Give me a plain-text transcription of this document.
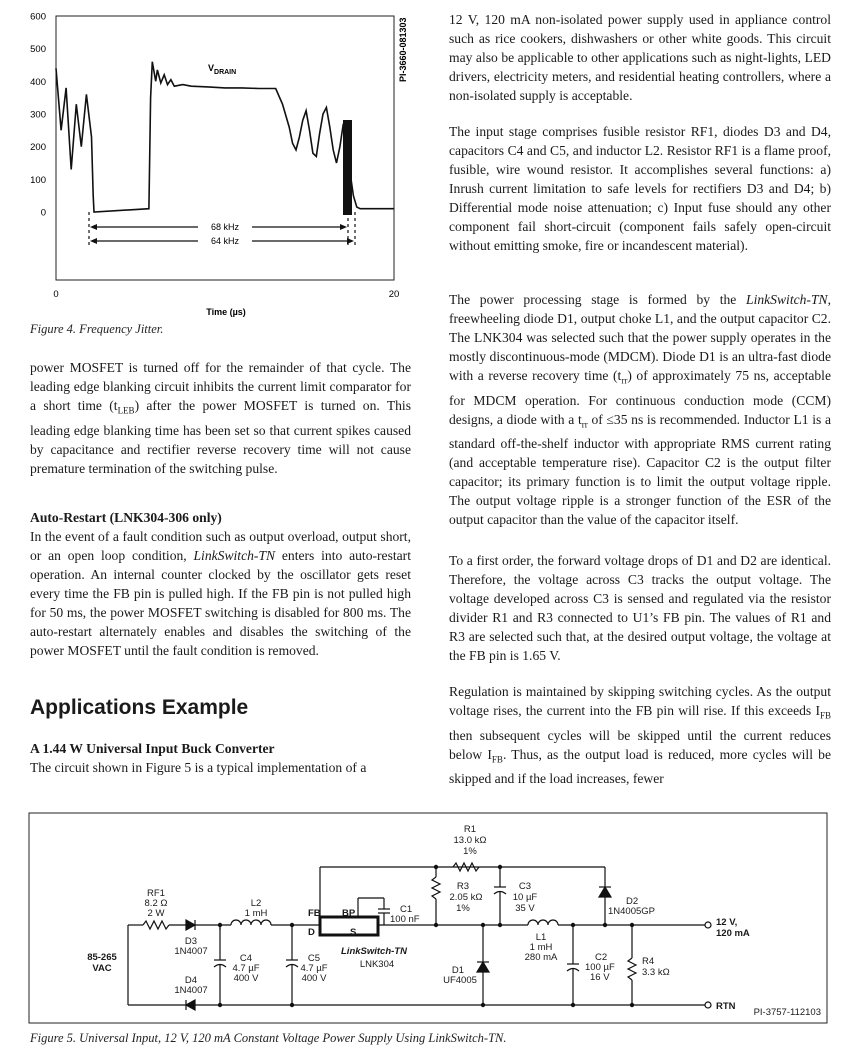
600
500
400
300
200
100
0
0	20
$V_{DRAIN}$
68 kHz
64 kHz
Time (µs)
PI-3660-081303
Figure 4. Frequency Jitter.

power MOSFET is turned off for the remainder of that cycle. The leading edge blanking circuit inhibits the current limit comparator for a short time $(t_{LEB})$ after the power MOSFET is turned on. This leading edge blanking time has been set so that current spikes caused by capacitance and rectifier reverse recovery time will not cause premature termination of the switching pulse.

Auto-Restart (LNK304-306 only)

In the event of a fault condition such as output overload, output short, or an open loop condition, LinkSwitch-TN enters into auto-restart operation. An internal counter clocked by the oscillator gets reset every time the FB pin is pulled high. If the FB pin is not pulled high for 50 ms, the power MOSFET switching is disabled for 800 ms. The auto-restart alternately enables and disables the switching of the power MOSFET until the fault condition is removed.

Applications Example
A 1.44 W Universal Input Buck Converter

The circuit shown in Figure 5 is a typical implementation of a

12 V, 120 mA non-isolated power supply used in appliance control such as rice cookers, dishwashers or other white goods. This circuit may also be applicable to other applications such as night-lights, LED drivers, electricity meters, and residential heating controllers, where a non-isolated supply is acceptable.

The input stage comprises fusible resistor RF1, diodes D3 and D4, capacitors C4 and C5, and inductor L2. Resistor RF1 is a flame proof, fusible, wire wound resistor. It accomplishes several functions: a) Inrush current limitation to safe levels for rectifiers D3 and D4; b) Differential mode noise attenuation; c) Input fuse should any other component fail short-circuit (component fails safely open-circuit without emitting smoke, fire or incandescent material).

The power processing stage is formed by the LinkSwitch-TN, freewheeling diode D1, output choke L1, and the output capacitor C2. The LNK304 was selected such that the power supply operates in the mostly discontinuous-mode (MDCM). Diode D1 is an ultra-fast diode with a reverse recovery time $(t_{rr})$ of approximately 75 ns, acceptable for MDCM operation. For continuous conduction mode (CCM) designs, a diode with a $t_{rr}$ of ≤35 ns is recommended. Inductor L1 is a standard off-the-shelf inductor with appropriate RMS current rating (and acceptable temperature rise). Capacitor C2 is the output filter capacitor; its primary function is to limit the output voltage ripple. The output voltage ripple is a stronger function of the ESR of the output capacitor than the value of the capacitor itself.

To a first order, the forward voltage drops of D1 and D2 are identical. Therefore, the voltage across C3 tracks the output voltage. The voltage developed across C3 is sensed and regulated via the resistor divider R1 and R3 connected to U1’s FB pin. The values of R1 and R3 are selected such that, at the desired output voltage, the voltage at the FB pin is 1.65 V.

Regulation is maintained by skipping switching cycles. As the output voltage rises, the current into the FB pin will rise. If this exceeds $I_{FB}$ then subsequent cycles will be skipped until the current reduces below $I_{FB}$. Thus, as the output load is reduced, more cycles will be skipped and if the load increases, fewer

85-265
VAC
RF1
8.2 Ω
2 W
D3
1N4007
D4
1N4007
L2
1 mH
C4
4.7 µF
400 V
C5
4.7 µF
400 V
FB BP
D	S
LinkSwitch-TN
LNK304
C1
100 nF
R1
13.0 kΩ
1%
R3
2.05 kΩ
1%
C3
10 µF
35 V
D2
1N4005GP
L1
1 mH
280 mA
D1
UF4005
C2
100 µF
16 V
R4
3.3 kΩ
12 V,
120 mA
RTN
PI-3757-112103
Figure 5. Universal Input, 12 V, 120 mA Constant Voltage Power Supply Using LinkSwitch-TN.
